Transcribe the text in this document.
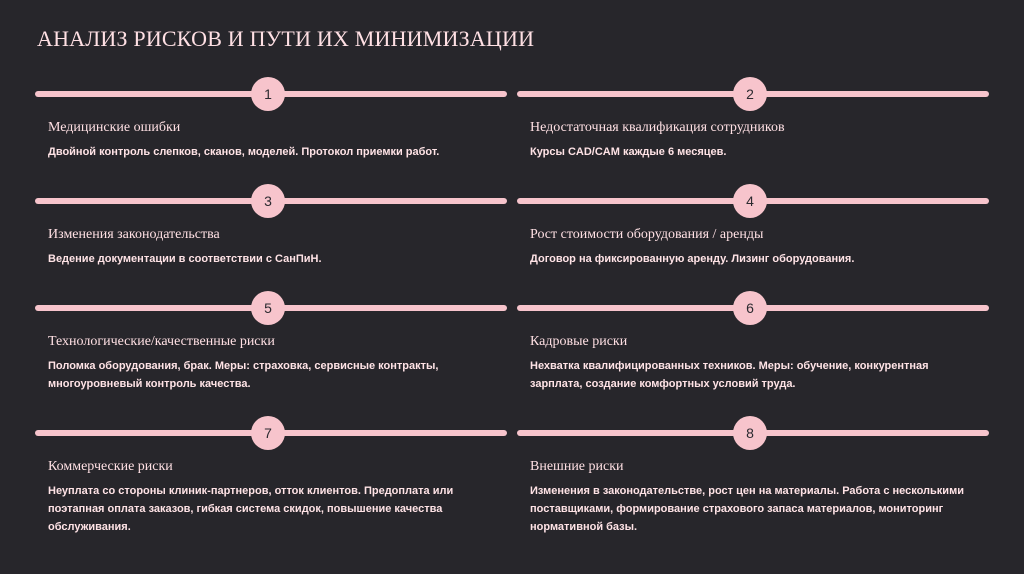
АНАЛИЗ РИСКОВ И ПУТИ ИХ МИНИМИЗАЦИИ
1
Медицинские ошибки
Двойной контроль слепков, сканов, моделей. Протокол приемки работ.
2
Недостаточная квалификация сотрудников
Курсы CAD/CAM каждые 6 месяцев.
3
Изменения законодательства
Ведение документации в соответствии с СанПиН.
4
Рост стоимости оборудования / аренды
Договор на фиксированную аренду. Лизинг оборудования.
5
Технологические/качественные риски
Поломка оборудования, брак. Меры: страховка, сервисные контракты, многоуровневый контроль качества.
6
Кадровые риски
Нехватка квалифицированных техников. Меры: обучение, конкурентная зарплата, создание комфортных условий труда.
7
Коммерческие риски
Неуплата со стороны клиник-партнеров, отток клиентов. Предоплата или поэтапная оплата заказов, гибкая система скидок, повышение качества обслуживания.
8
Внешние риски
Изменения в законодательстве, рост цен на материалы. Работа с несколькими поставщиками, формирование страхового запаса материалов, мониторинг нормативной базы.
